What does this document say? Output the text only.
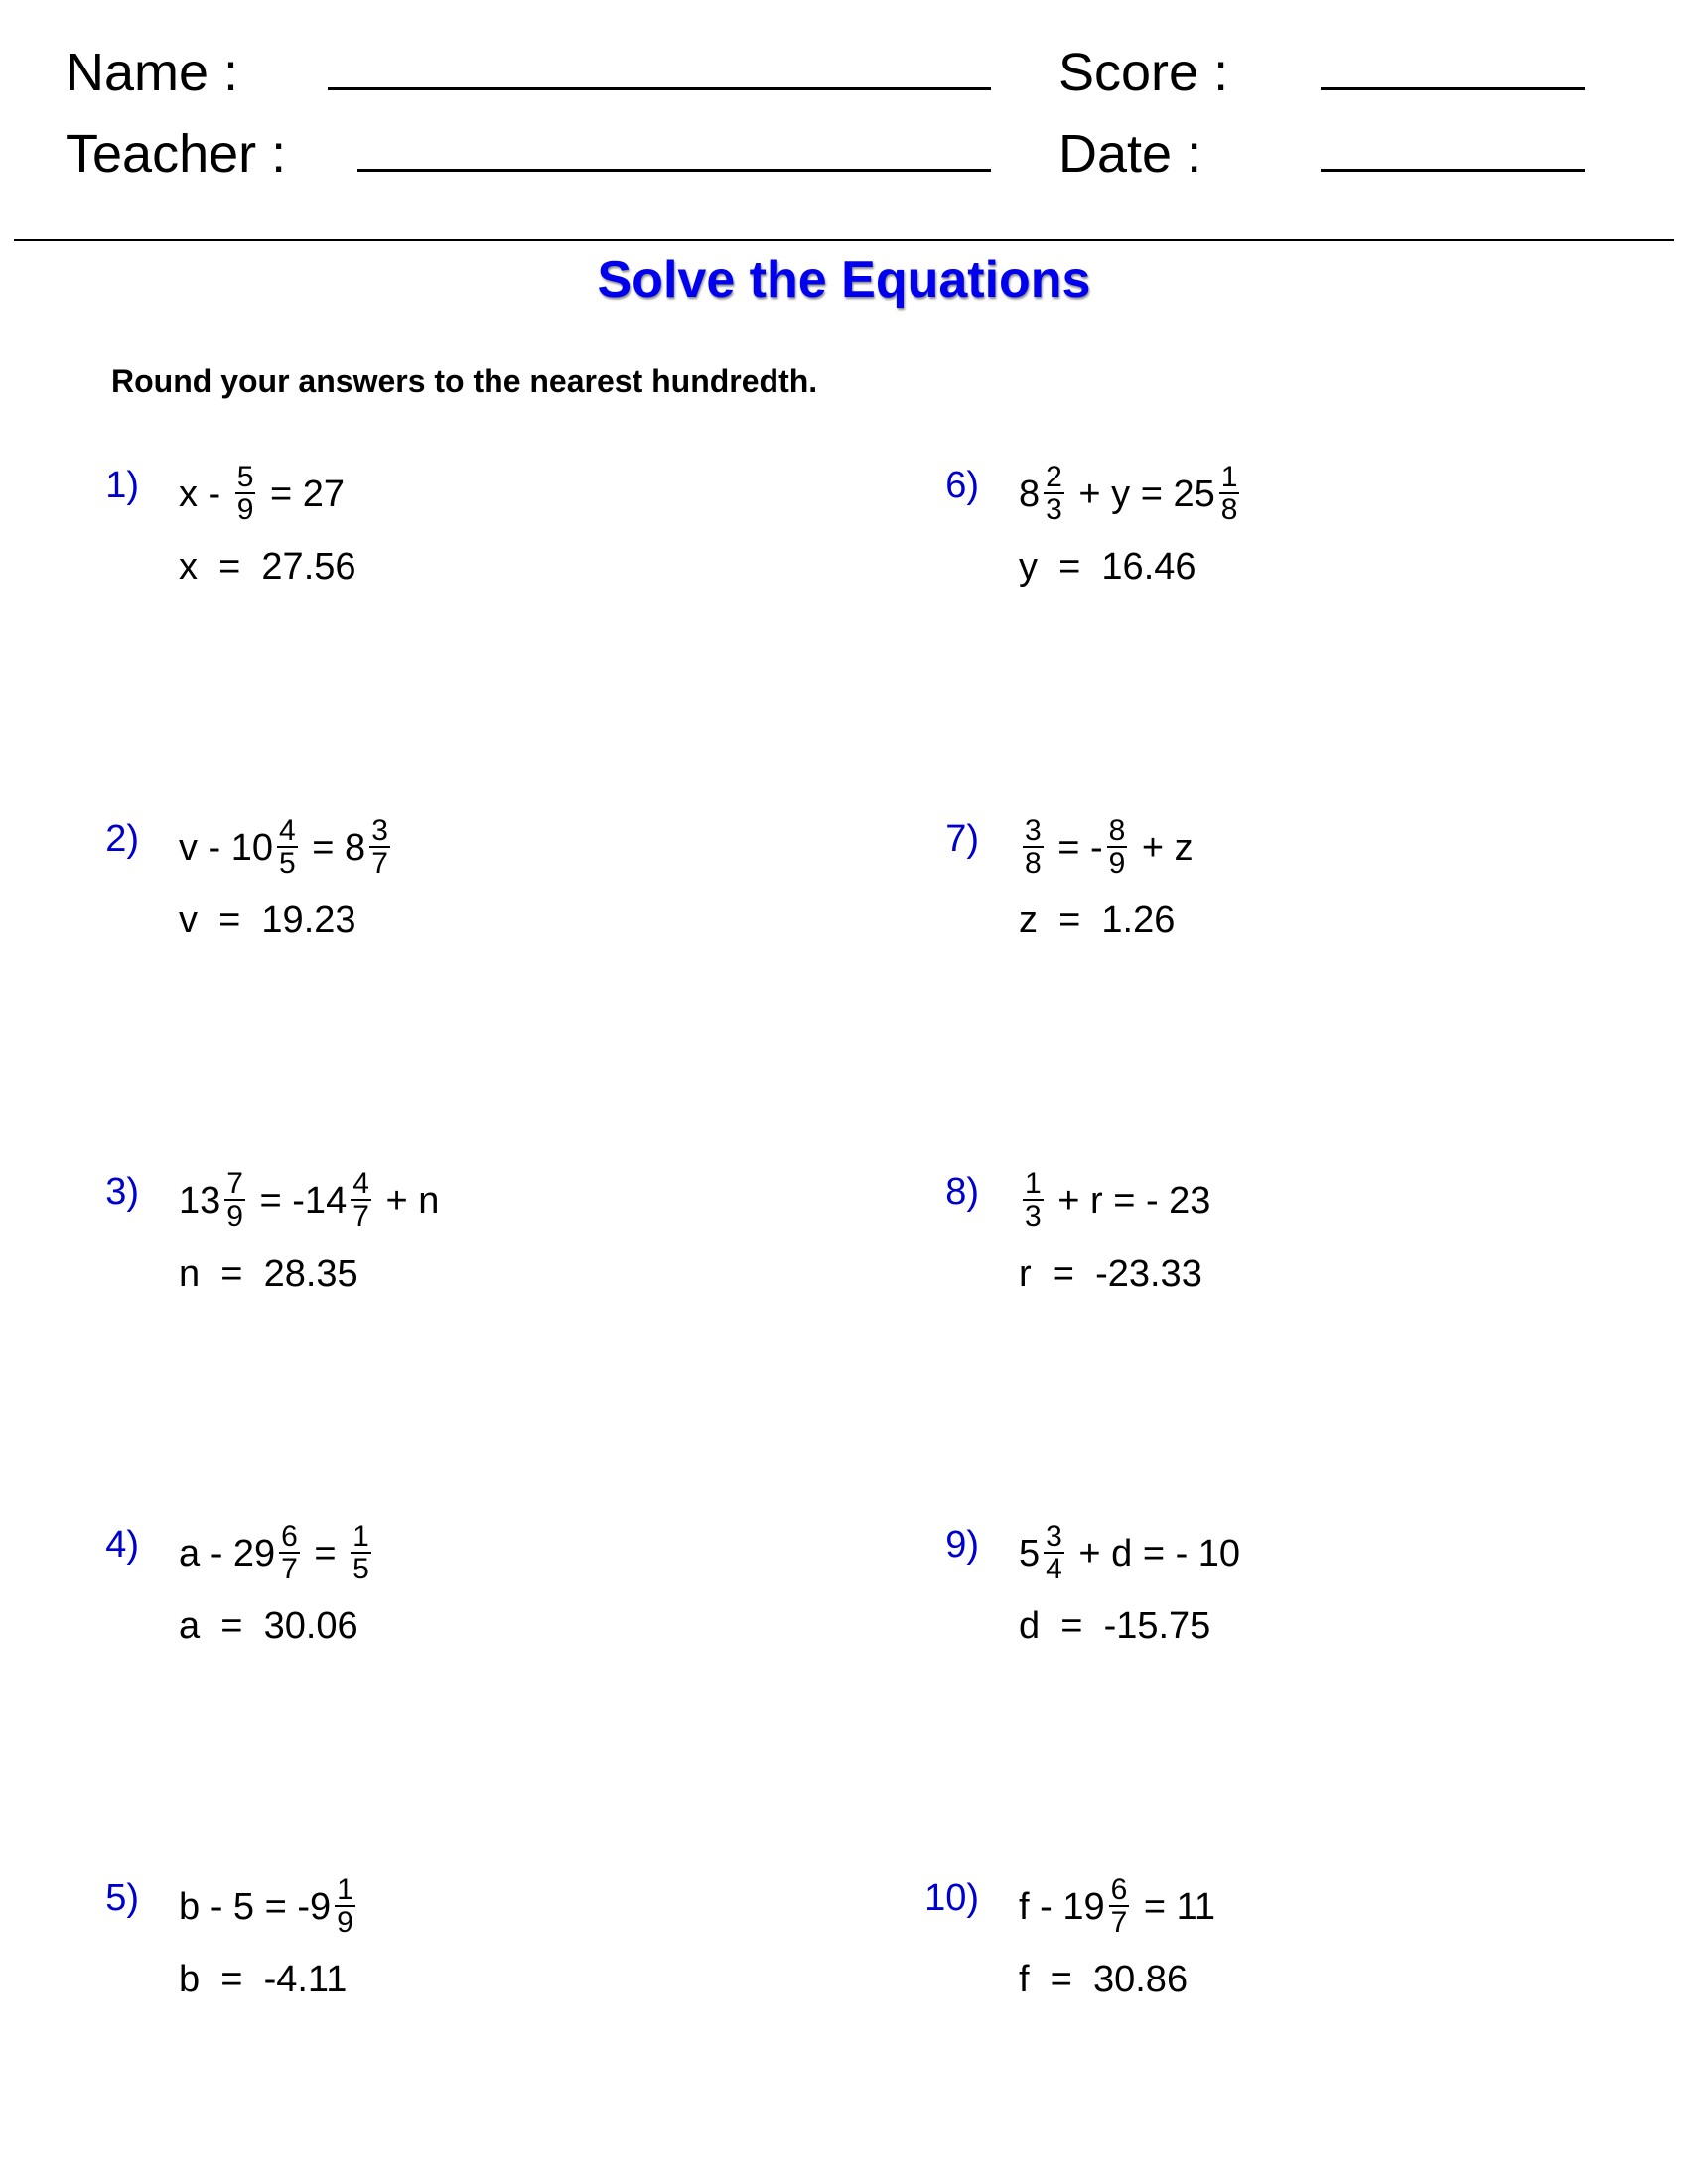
Name :
Teacher :
Score :
Date :
Solve the Equations
Round your answers to the nearest hundredth.
1) $x - \frac{5}{9} = 27$
x  =  27.56
2) $v - 10 \frac{4}{5} = 8 \frac{3}{7}$
v  =  19.23
3) $13 \frac{7}{9} = -14 \frac{4}{7} + n$
n  =  28.35
4) $a - 29 \frac{6}{7} = \frac{1}{5}$
a  =  30.06
5) $b - 5 = -9 \frac{1}{9}$
b  =  -4.11
6) $8 \frac{2}{3} + y = 25 \frac{1}{8}$
y  =  16.46
$7) \frac{3}{8}$ = - $\frac{8}{9} + z$
z  =  1.26
$8) \frac{1}{3} + r$ = - 23
r  =  -23.33
9) $5 \frac{3}{4} + d$ = - 10
d  =  -15.75
10) $f - 19 \frac{6}{7} = 11$
f  =  30.86
